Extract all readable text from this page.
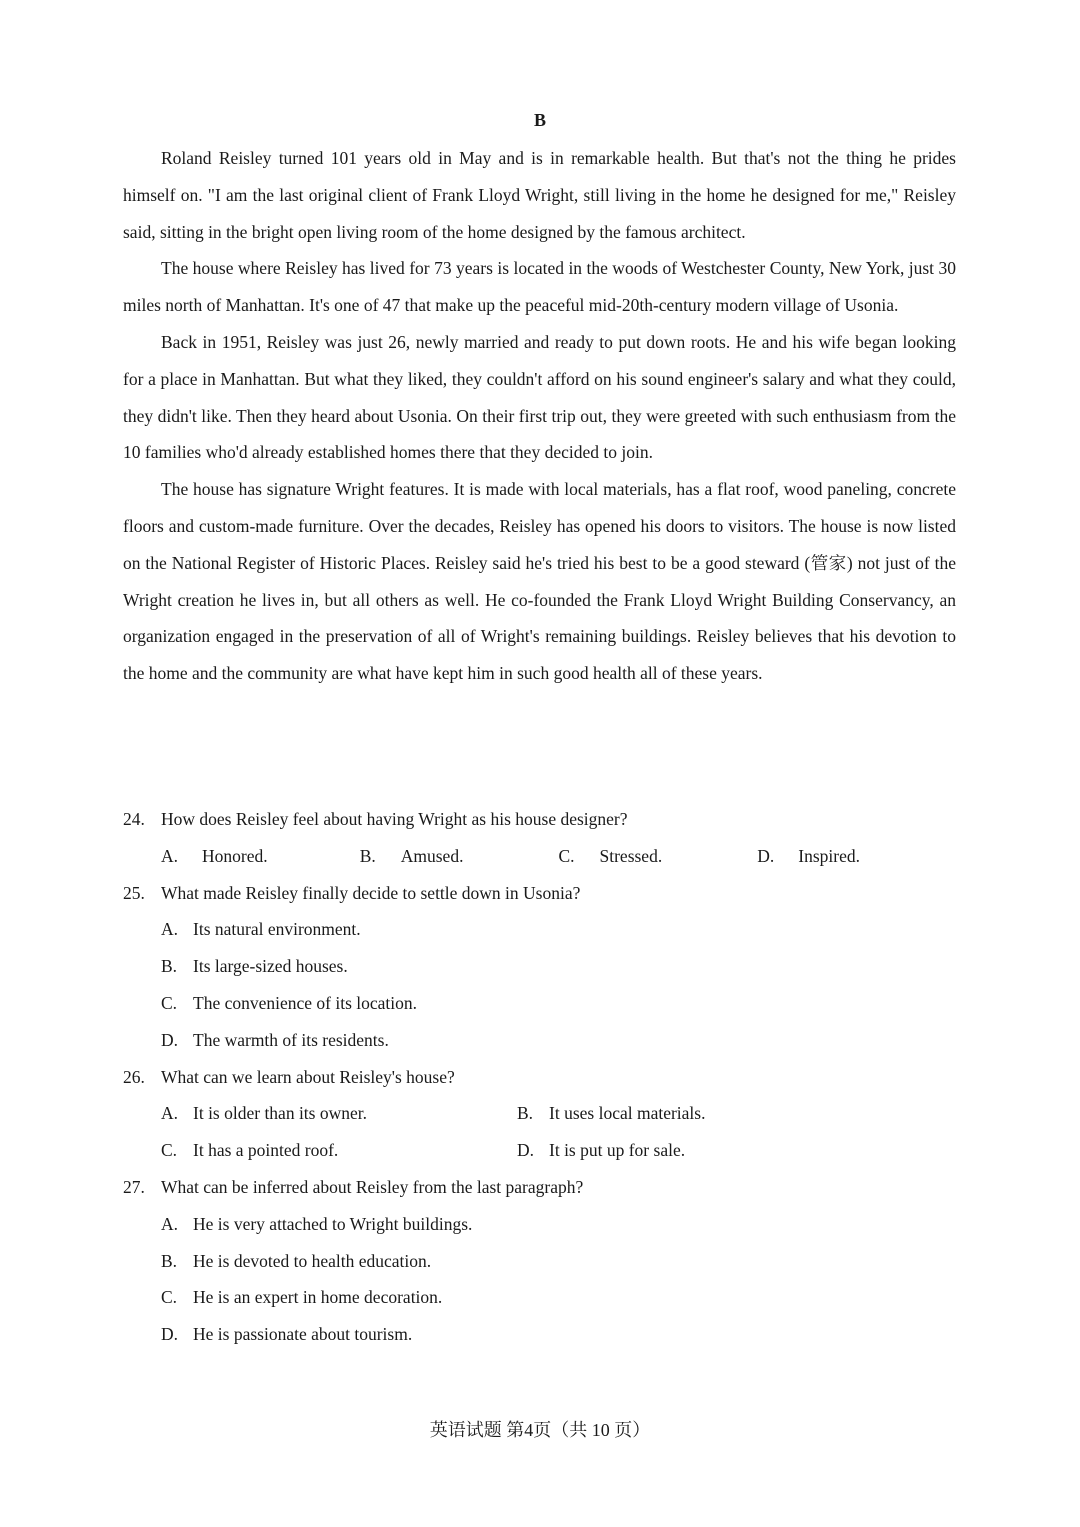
B

Roland Reisley turned 101 years old in May and is in remarkable health. But that's not the thing he prides himself on. "I am the last original client of Frank Lloyd Wright, still living in the home he designed for me," Reisley said, sitting in the bright open living room of the home designed by the famous architect.

The house where Reisley has lived for 73 years is located in the woods of Westchester County, New York, just 30 miles north of Manhattan. It's one of 47 that make up the peaceful mid-20th-century modern village of Usonia.

Back in 1951, Reisley was just 26, newly married and ready to put down roots. He and his wife began looking for a place in Manhattan. But what they liked, they couldn't afford on his sound engineer's salary and what they could, they didn't like. Then they heard about Usonia. On their first trip out, they were greeted with such enthusiasm from the 10 families who'd already established homes there that they decided to join.

The house has signature Wright features. It is made with local materials, has a flat roof, wood paneling, concrete floors and custom-made furniture. Over the decades, Reisley has opened his doors to visitors. The house is now listed on the National Register of Historic Places. Reisley said he's tried his best to be a good steward (管家) not just of the Wright creation he lives in, but all others as well. He co-founded the Frank Lloyd Wright Building Conservancy, an organization engaged in the preservation of all of Wright's remaining buildings. Reisley believes that his devotion to the home and the community are what have kept him in such good health all of these years.

24. How does Reisley feel about having Wright as his house designer?
A. Honored.	B. Amused.	C. Stressed.	D. Inspired.
25. What made Reisley finally decide to settle down in Usonia?
A. Its natural environment.
B. Its large-sized houses.
C. The convenience of its location.
D. The warmth of its residents.
26. What can we learn about Reisley's house?
A. It is older than its owner.	B. It uses local materials.
C. It has a pointed roof.	D. It is put up for sale.
27. What can be inferred about Reisley from the last paragraph?
A. He is very attached to Wright buildings.
B. He is devoted to health education.
C. He is an expert in home decoration.
D. He is passionate about tourism.
英语试题 第4页（共 10 页）
